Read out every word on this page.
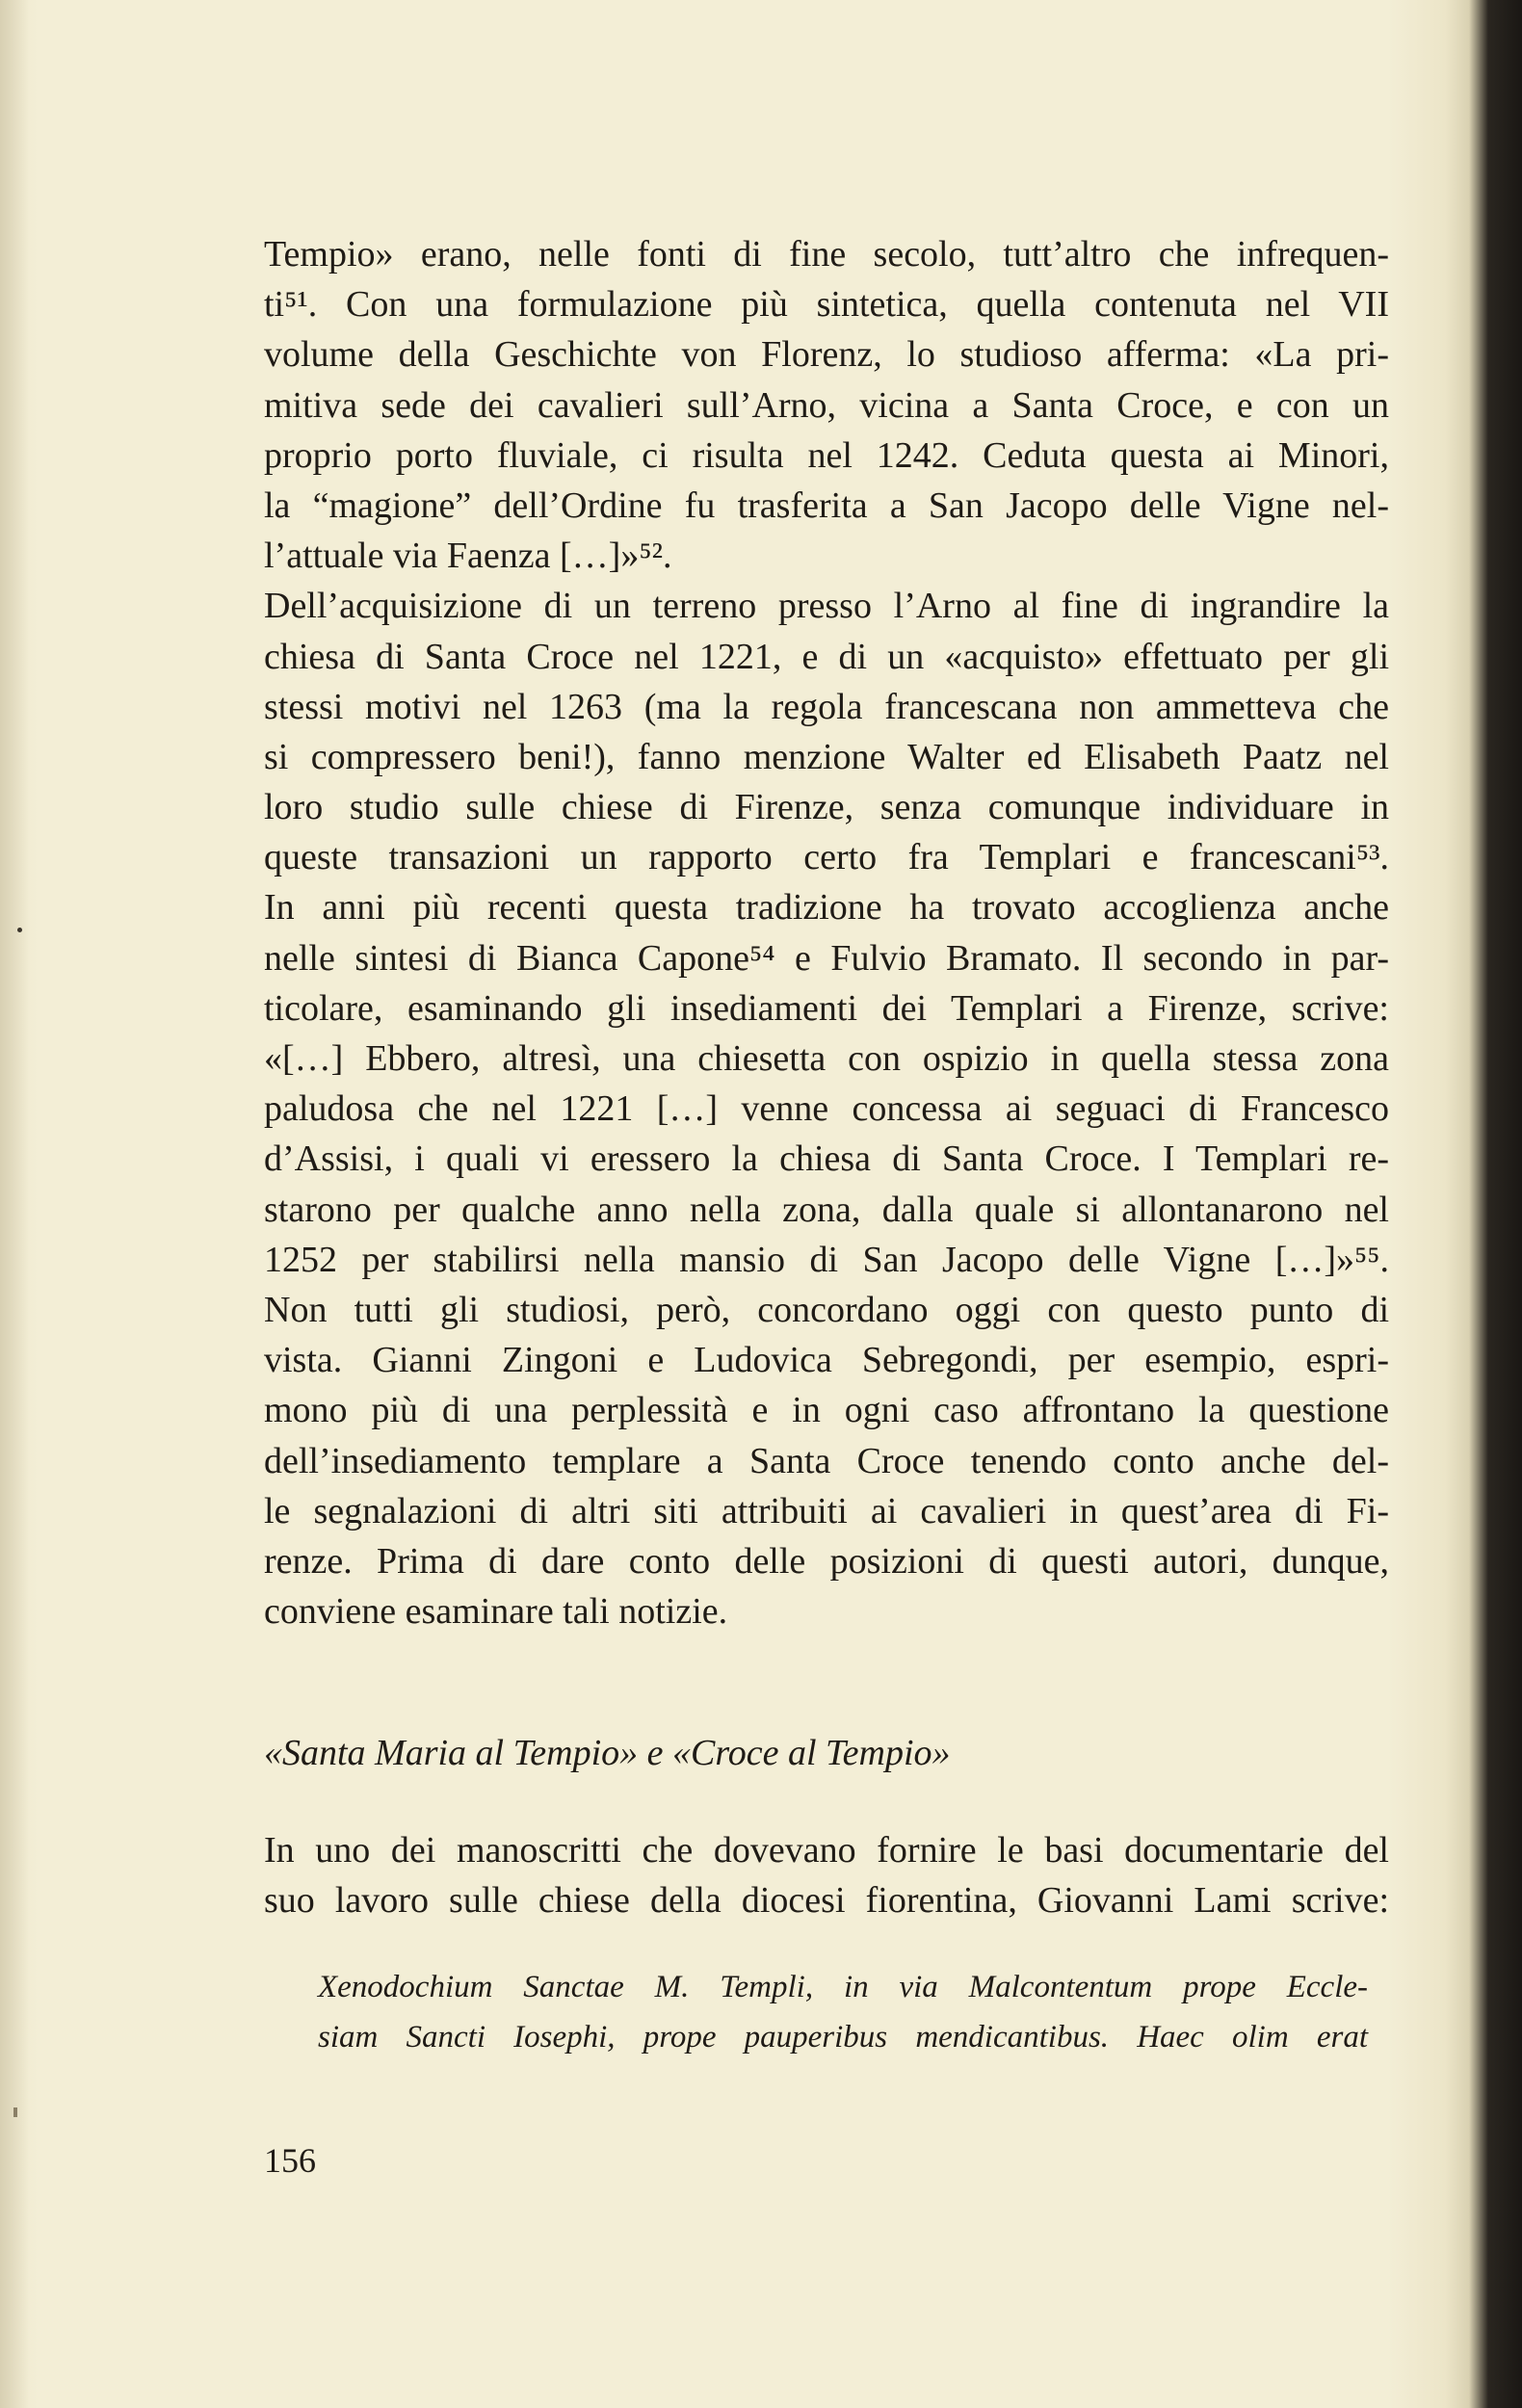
Tempio» erano, nelle fonti di fine secolo, tutt’altro che infrequen-
ti⁵¹. Con una formulazione più sintetica, quella contenuta nel VII
volume della Geschichte von Florenz, lo studioso afferma: «La pri-
mitiva sede dei cavalieri sull’Arno, vicina a Santa Croce, e con un
proprio porto fluviale, ci risulta nel 1242. Ceduta questa ai Minori,
la “magione” dell’Ordine fu trasferita a San Jacopo delle Vigne nel-
l’attuale via Faenza […]»⁵².
Dell’acquisizione di un terreno presso l’Arno al fine di ingrandire la
chiesa di Santa Croce nel 1221, e di un «acquisto» effettuato per gli
stessi motivi nel 1263 (ma la regola francescana non ammetteva che
si compressero beni!), fanno menzione Walter ed Elisabeth Paatz nel
loro studio sulle chiese di Firenze, senza comunque individuare in
queste transazioni un rapporto certo fra Templari e francescani⁵³.
In anni più recenti questa tradizione ha trovato accoglienza anche
nelle sintesi di Bianca Capone⁵⁴ e Fulvio Bramato. Il secondo in par-
ticolare, esaminando gli insediamenti dei Templari a Firenze, scrive:
«[…] Ebbero, altresì, una chiesetta con ospizio in quella stessa zona
paludosa che nel 1221 […] venne concessa ai seguaci di Francesco
d’Assisi, i quali vi eressero la chiesa di Santa Croce. I Templari re-
starono per qualche anno nella zona, dalla quale si allontanarono nel
1252 per stabilirsi nella mansio di San Jacopo delle Vigne […]»⁵⁵.
Non tutti gli studiosi, però, concordano oggi con questo punto di
vista. Gianni Zingoni e Ludovica Sebregondi, per esempio, espri-
mono più di una perplessità e in ogni caso affrontano la questione
dell’insediamento templare a Santa Croce tenendo conto anche del-
le segnalazioni di altri siti attribuiti ai cavalieri in quest’area di Fi-
renze. Prima di dare conto delle posizioni di questi autori, dunque,
conviene esaminare tali notizie.
«Santa Maria al Tempio» e «Croce al Tempio»
In uno dei manoscritti che dovevano fornire le basi documentarie del
suo lavoro sulle chiese della diocesi fiorentina, Giovanni Lami scrive:
Xenodochium Sanctae M. Templi, in via Malcontentum prope Eccle-
siam Sancti Iosephi, prope pauperibus mendicantibus. Haec olim erat
156
